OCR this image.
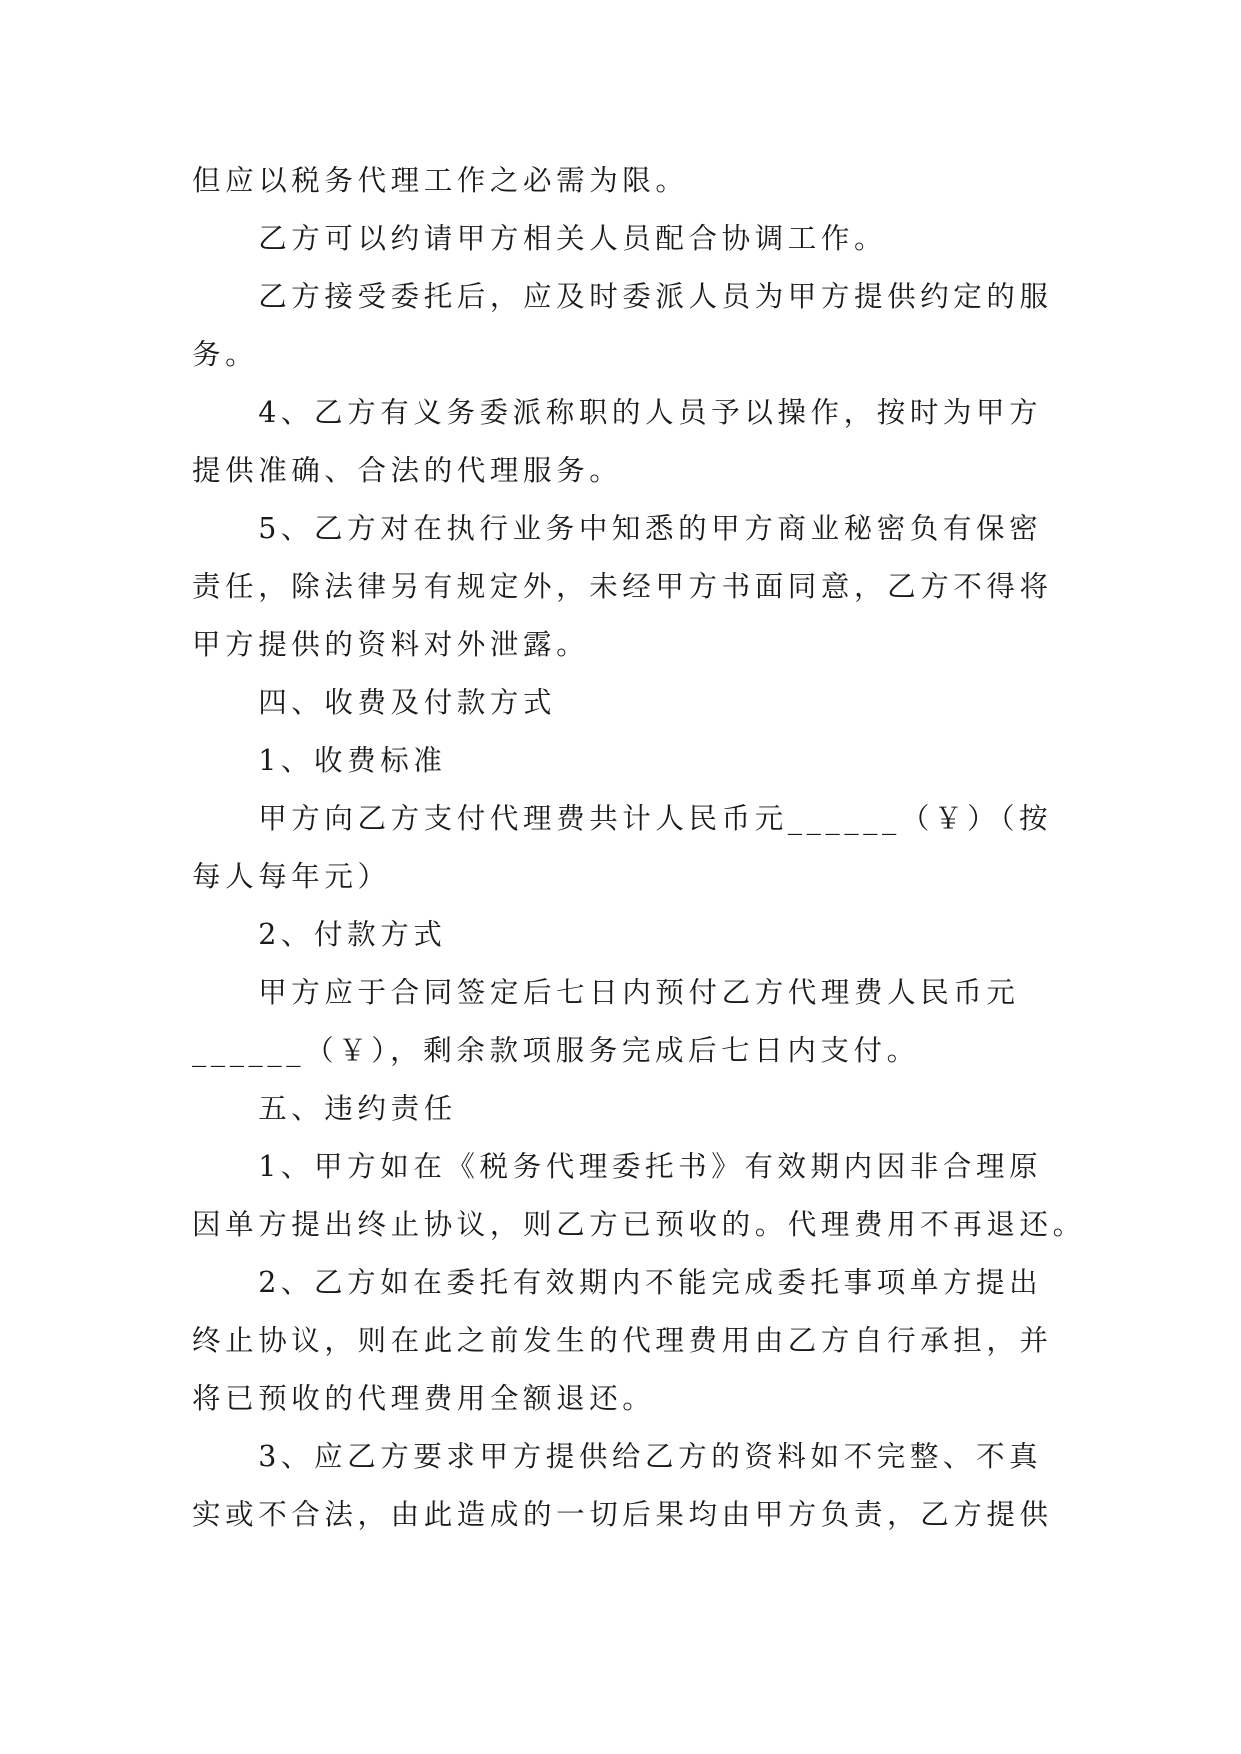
但应以税务代理工作之必需为限。
　　乙方可以约请甲方相关人员配合协调工作。
　　乙方接受委托后，应及时委派人员为甲方提供约定的服
务。
　　4、乙方有义务委派称职的人员予以操作，按时为甲方
提供准确、合法的代理服务。
　　5、乙方对在执行业务中知悉的甲方商业秘密负有保密
责任，除法律另有规定外，未经甲方书面同意，乙方不得将
甲方提供的资料对外泄露。
　　四、收费及付款方式
　　1、收费标准
　　甲方向乙方支付代理费共计人民币元______（￥）（按
每人每年元）
　　2、付款方式
　　甲方应于合同签定后七日内预付乙方代理费人民币元
______（￥），剩余款项服务完成后七日内支付。
　　五、违约责任
　　1、甲方如在《税务代理委托书》有效期内因非合理原
因单方提出终止协议，则乙方已预收的。代理费用不再退还。
　　2、乙方如在委托有效期内不能完成委托事项单方提出
终止协议，则在此之前发生的代理费用由乙方自行承担，并
将已预收的代理费用全额退还。
　　3、应乙方要求甲方提供给乙方的资料如不完整、不真
实或不合法，由此造成的一切后果均由甲方负责，乙方提供
